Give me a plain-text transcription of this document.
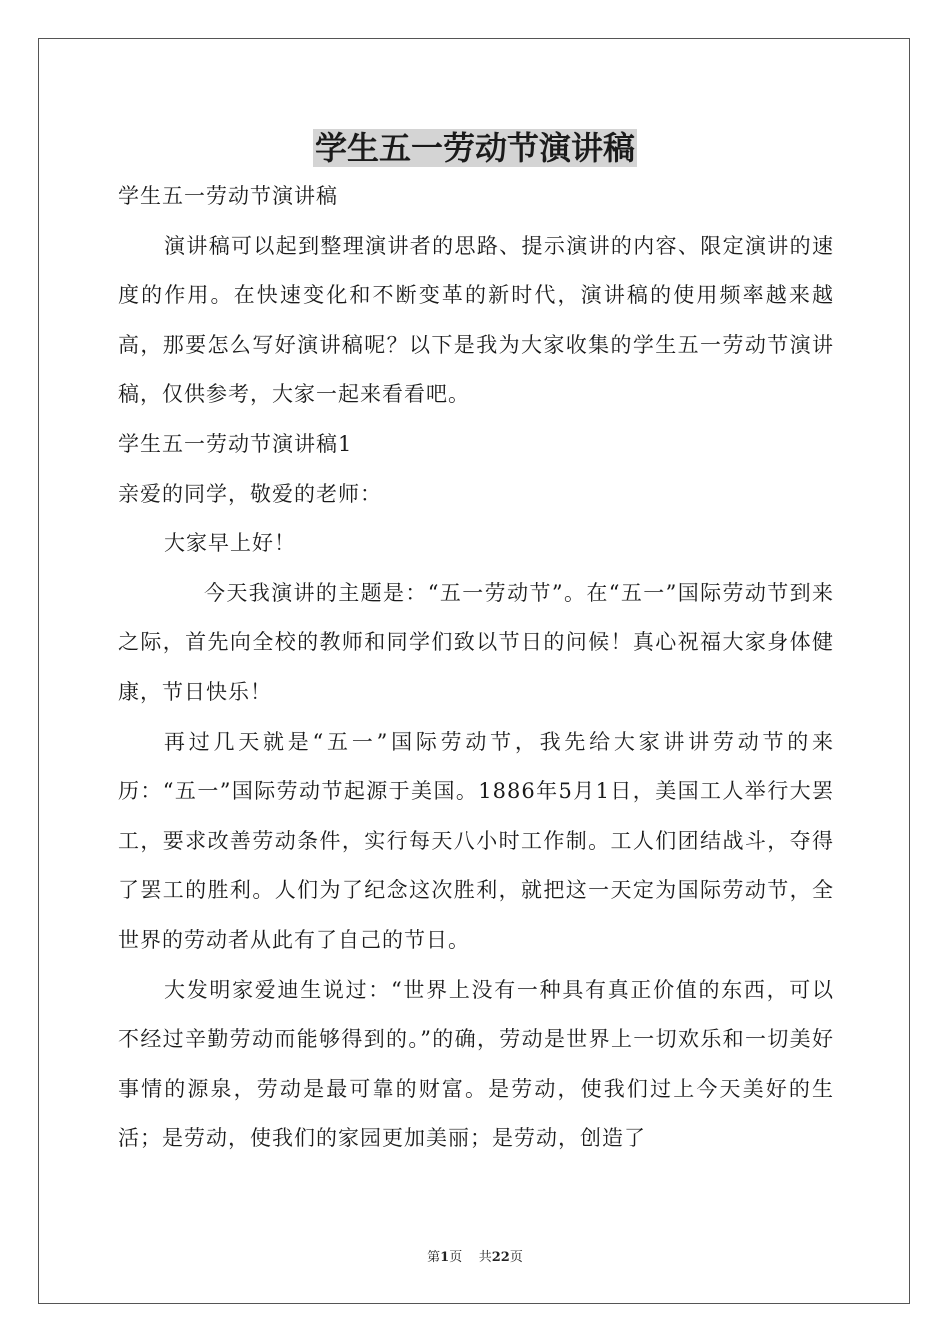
学生五一劳动节演讲稿

学生五一劳动节演讲稿

演讲稿可以起到整理演讲者的思路、提示演讲的内容、限定演讲的速度的作用。在快速变化和不断变革的新时代，演讲稿的使用频率越来越高，那要怎么写好演讲稿呢？以下是我为大家收集的学生五一劳动节演讲稿，仅供参考，大家一起来看看吧。

学生五一劳动节演讲稿1

亲爱的同学，敬爱的老师：

大家早上好！

今天我演讲的主题是：“五一劳动节”。在“五一”国际劳动节到来之际，首先向全校的教师和同学们致以节日的问候！真心祝福大家身体健康，节日快乐！

再过几天就是“五一”国际劳动节，我先给大家讲讲劳动节的来历：“五一”国际劳动节起源于美国。1886年5月1日，美国工人举行大罢工，要求改善劳动条件，实行每天八小时工作制。工人们团结战斗，夺得了罢工的胜利。人们为了纪念这次胜利，就把这一天定为国际劳动节，全世界的劳动者从此有了自己的节日。

大发明家爱迪生说过：“世界上没有一种具有真正价值的东西，可以不经过辛勤劳动而能够得到的。”的确，劳动是世界上一切欢乐和一切美好事情的源泉，劳动是最可靠的财富。是劳动，使我们过上今天美好的生活；是劳动，使我们的家园更加美丽；是劳动，创造了

第1页 共22页
